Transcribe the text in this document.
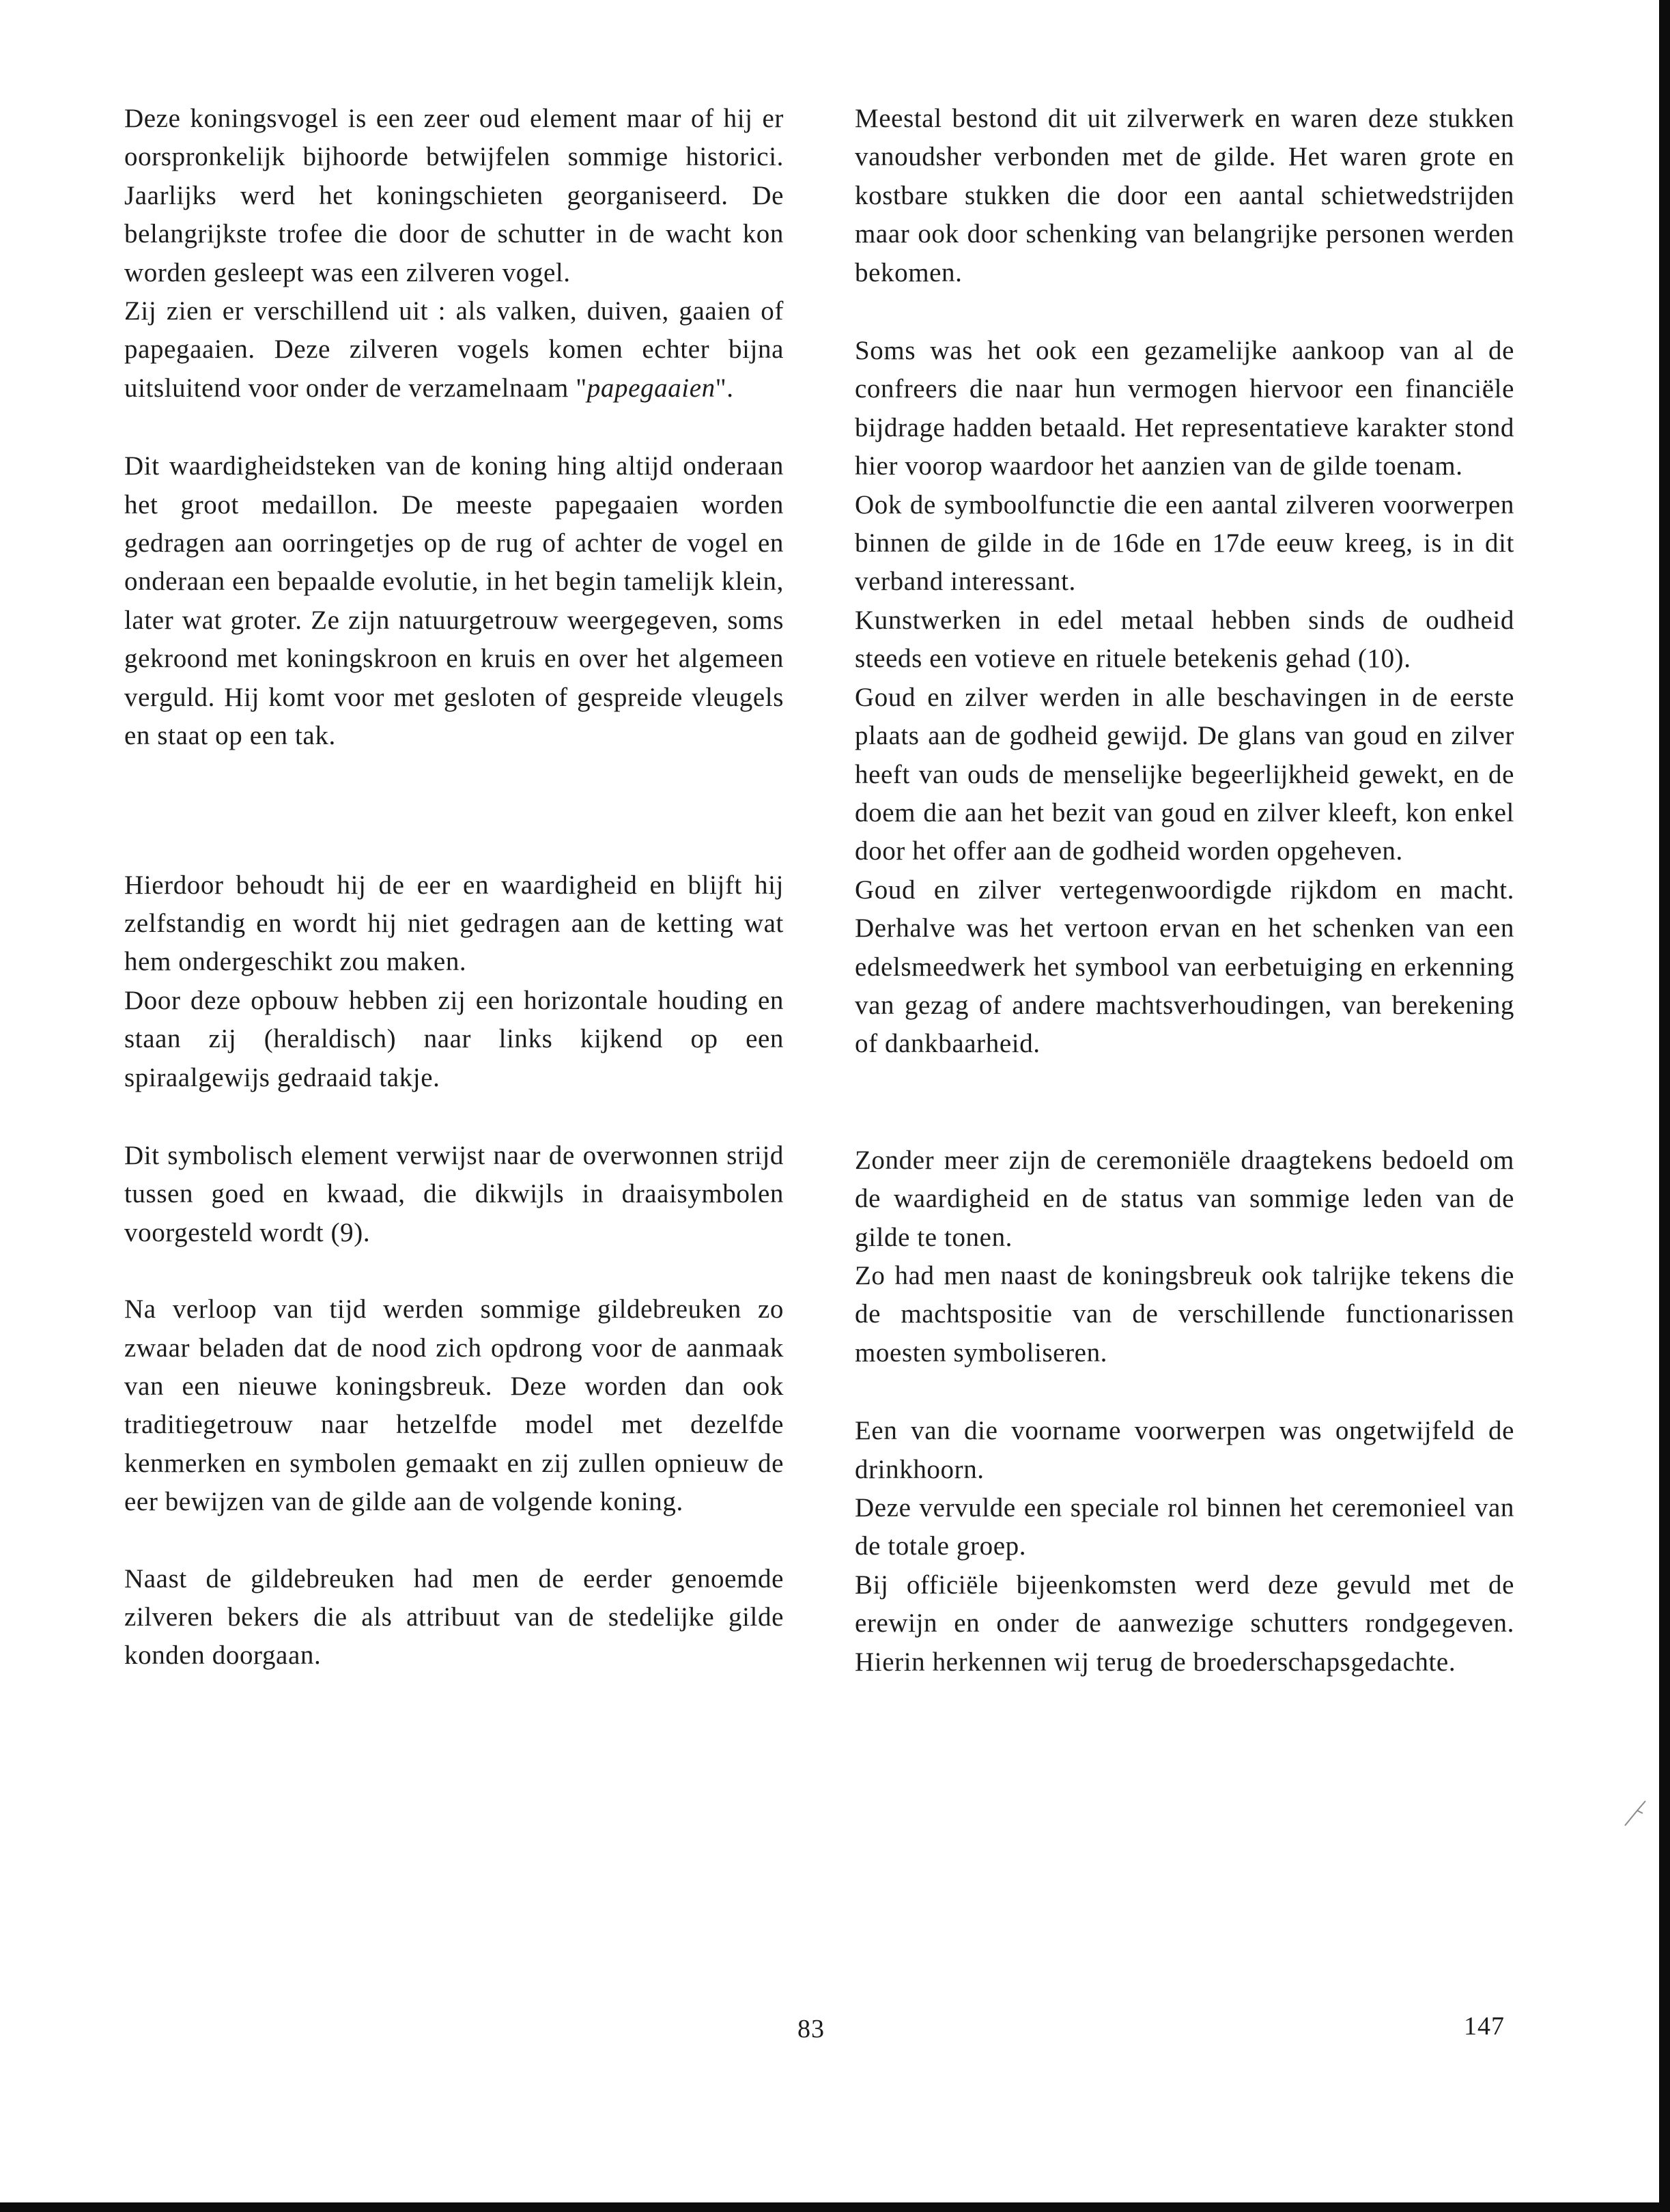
Deze koningsvogel is een zeer oud element maar of hij er oorspronkelijk bijhoorde betwijfelen sommige historici. Jaarlijks werd het koningschieten georganiseerd. De belangrijkste trofee die door de schutter in de wacht kon worden gesleept was een zilveren vogel.

Zij zien er verschillend uit : als valken, duiven, gaaien of papegaaien. Deze zilveren vogels komen echter bijna uitsluitend voor onder de verzamelnaam "papegaaien".

Dit waardigheidsteken van de koning hing altijd onderaan het groot medaillon. De meeste papegaaien worden gedragen aan oorringetjes op de rug of achter de vogel en onderaan een bepaalde evolutie, in het begin tamelijk klein, later wat groter. Ze zijn natuurgetrouw weergegeven, soms gekroond met koningskroon en kruis en over het algemeen verguld. Hij komt voor met gesloten of gespreide vleugels en staat op een tak.

Hierdoor behoudt hij de eer en waardigheid en blijft hij zelfstandig en wordt hij niet gedragen aan de ketting wat hem ondergeschikt zou maken.

Door deze opbouw hebben zij een horizontale houding en staan zij (heraldisch) naar links kijkend op een spiraalgewijs gedraaid takje.

Dit symbolisch element verwijst naar de overwonnen strijd tussen goed en kwaad, die dikwijls in draaisymbolen voorgesteld wordt (9).

Na verloop van tijd werden sommige gildebreuken zo zwaar beladen dat de nood zich opdrong voor de aanmaak van een nieuwe koningsbreuk. Deze worden dan ook traditiegetrouw naar hetzelfde model met dezelfde kenmerken en symbolen gemaakt en zij zullen opnieuw de eer bewijzen van de gilde aan de volgende koning.

Naast de gildebreuken had men de eerder genoemde zilveren bekers die als attribuut van de stedelijke gilde konden doorgaan.

Meestal bestond dit uit zilverwerk en waren deze stukken vanoudsher verbonden met de gilde. Het waren grote en kostbare stukken die door een aantal schietwedstrijden maar ook door schenking van belangrijke personen werden bekomen.

Soms was het ook een gezamelijke aankoop van al de confreers die naar hun vermogen hiervoor een financiële bijdrage hadden betaald. Het representatieve karakter stond hier voorop waardoor het aanzien van de gilde toenam.

Ook de symboolfunctie die een aantal zilveren voorwerpen binnen de gilde in de 16de en 17de eeuw kreeg, is in dit verband interessant.

Kunstwerken in edel metaal hebben sinds de oudheid steeds een votieve en rituele betekenis gehad (10).

Goud en zilver werden in alle beschavingen in de eerste plaats aan de godheid gewijd. De glans van goud en zilver heeft van ouds de menselijke begeerlijkheid gewekt, en de doem die aan het bezit van goud en zilver kleeft, kon enkel door het offer aan de godheid worden opgeheven.

Goud en zilver vertegenwoordigde rijkdom en macht. Derhalve was het vertoon ervan en het schenken van een edelsmeedwerk het symbool van eerbetuiging en erkenning van gezag of andere machtsverhoudingen, van berekening of dankbaarheid.

Zonder meer zijn de ceremoniële draagtekens bedoeld om de waardigheid en de status van sommige leden van de gilde te tonen.

Zo had men naast de koningsbreuk ook talrijke tekens die de machtspositie van de verschillende functionarissen moesten symboliseren.

Een van die voorname voorwerpen was ongetwijfeld de drinkhoorn.

Deze vervulde een speciale rol binnen het ceremonieel van de totale groep.

Bij officiële bijeenkomsten werd deze gevuld met de erewijn en onder de aanwezige schutters rondgegeven. Hierin herkennen wij terug de broederschapsgedachte.

83	147
